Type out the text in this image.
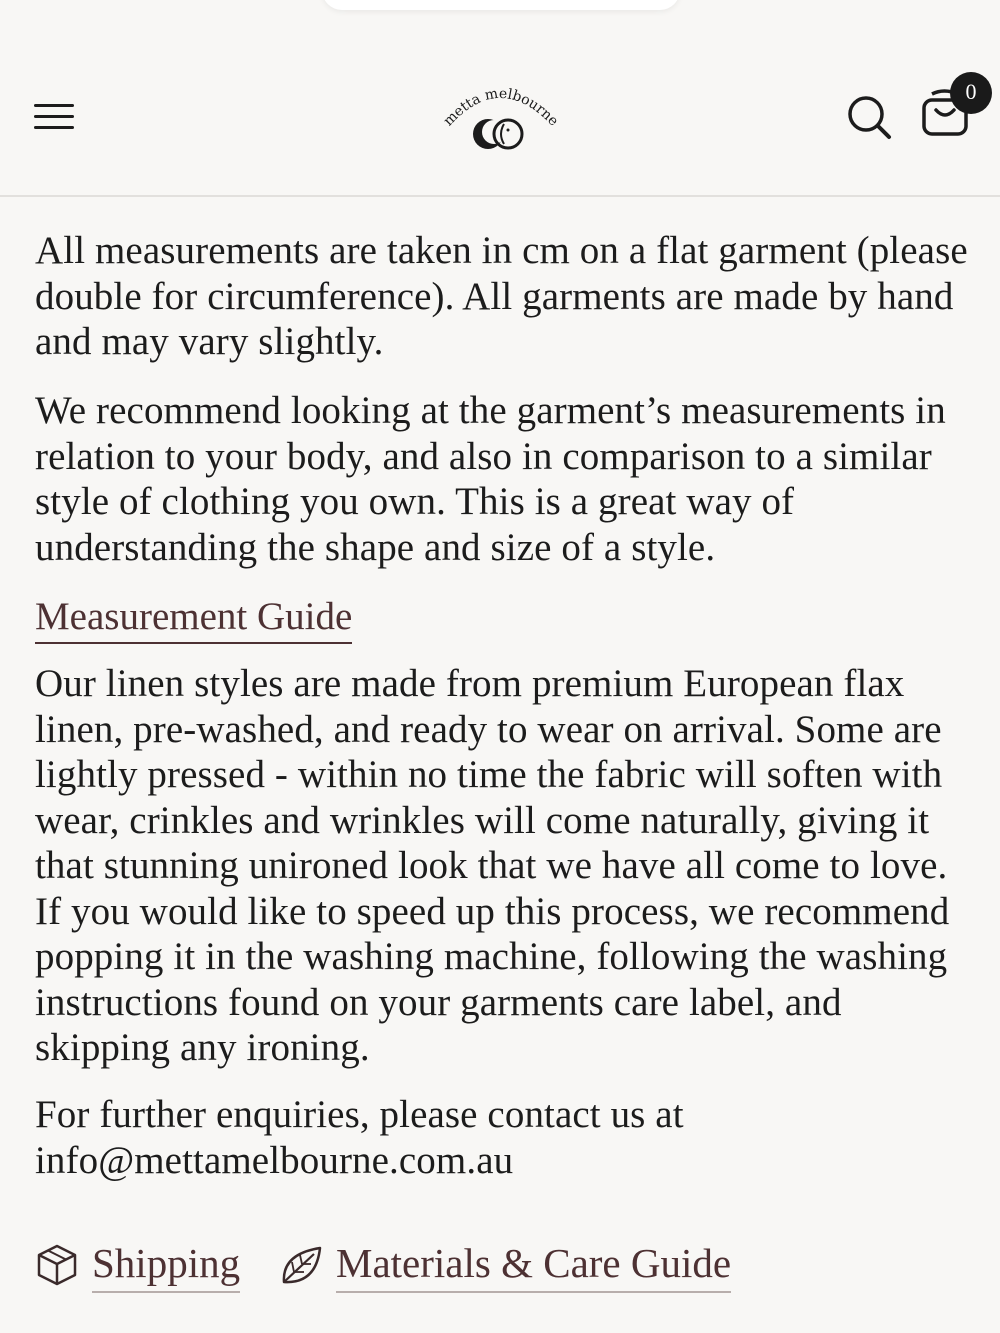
metta melbourne
0

All measurements are taken in cm on a flat garment (please double for circumference). All garments are made by hand and may vary slightly.

We recommend looking at the garment’s measurements in relation to your body, and also in comparison to a similar style of clothing you own. This is a great way of understanding the shape and size of a style.

Measurement Guide

Our linen styles are made from premium European flax linen, pre-washed, and ready to wear on arrival. Some are lightly pressed - within no time the fabric will soften with wear, crinkles and wrinkles will come naturally, giving it that stunning unironed look that we have all come to love. If you would like to speed up this process, we recommend popping it in the washing machine, following the washing instructions found on your garments care label, and skipping any ironing.

For further enquiries, please contact us at info@mettamelbourne.com.au

Shipping Materials & Care Guide
